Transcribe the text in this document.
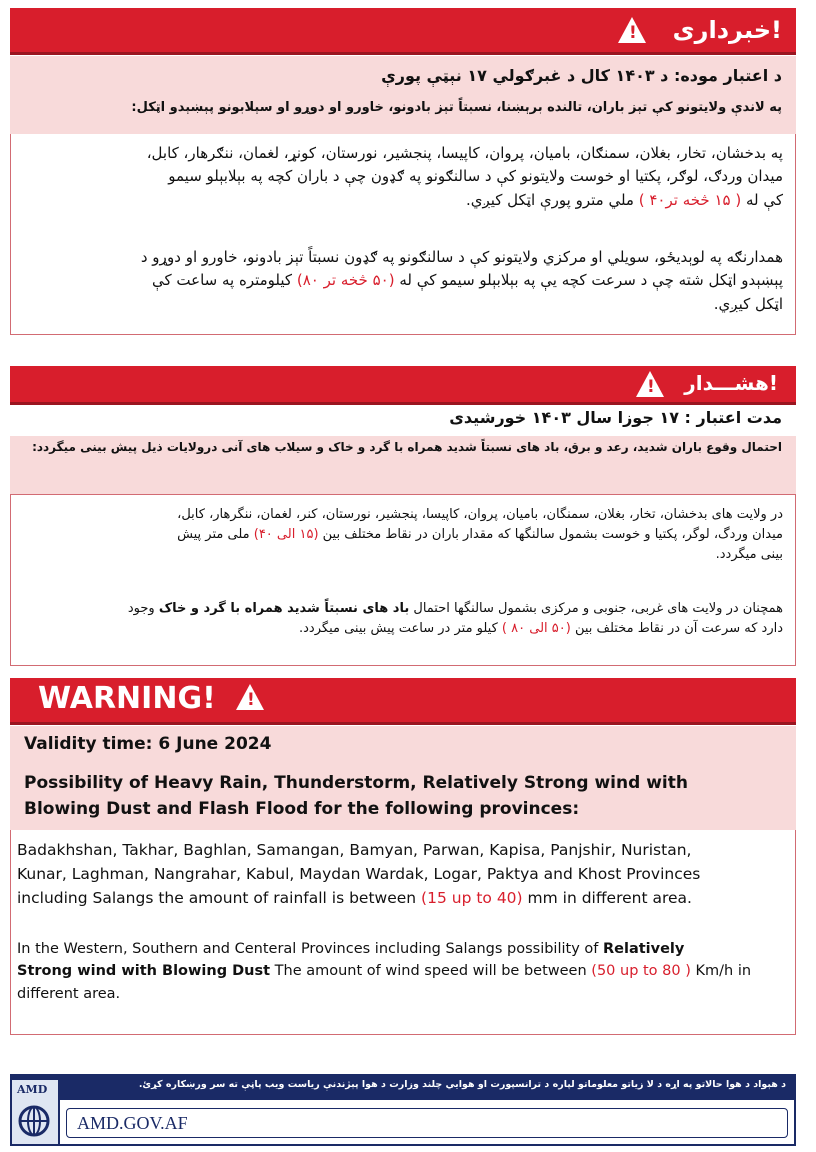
خبرداری!
!
د اعتبار موده: د ۱۴۰۳ کال د غبرګولي ۱۷ نېټې پورې
په لاندې ولایتونو کې تېز باران، تالنده برېښنا، نسبتاً تېز بادونو، خاورو او دوړو او سېلابونو پېښېدو اټکل:
په بدخشان، تخار، بغلان، سمنګان، بامیان، پروان، کاپیسا، پنجشیر، نورستان، کونړ، لغمان، ننګرهار، کابل،
میدان وردګ، لوګر، پکتیا او خوست ولایتونو کې د سالنګونو په ګډون چې د باران کچه په بېلابېلو سیمو
کې له ( ۱۵ څخه تر۴۰ ) ملي مترو پورې اټکل کیږي.
همدارنګه په لوېدیځو، سویلي او مرکزي ولایتونو کې د سالنګونو په ګډون نسبتاً تېز بادونو، خاورو او دوړو د
پېښېدو اټکل شته چې د سرعت کچه یې په بېلابېلو سیمو کې له (۵۰ څخه تر ۸۰) کیلومتره په ساعت کې
اټکل کیږي.
هشـــدار!
!
مدت اعتبار : ۱۷ جوزا سال ۱۴۰۳ خورشیدی
احتمال وقوع باران شدید، رعد و برق، باد های نسبتاً شدید همراه با گرد و خاک و سیلاب های آنی درولایات ذیل پیش بینی میگردد:
در ولایت های بدخشان، تخار، بغلان، سمنگان، بامیان، پروان، کاپیسا، پنجشیر، نورستان، کنر، لغمان، ننگرهار، کابل،
میدان وردگ، لوگر، پکتیا و خوست بشمول سالنگها که مقدار باران در نقاط مختلف بین (۱۵ الی ۴۰) ملی متر پیش
بینی میگردد.
همچنان در ولایت های غربی، جنوبی و مرکزی بشمول سالنگها احتمال باد های نسبتاً شدید همراه با گرد و خاک وجود
دارد که سرعت آن در نقاط مختلف بین (۵۰ الی ۸۰ ) کیلو متر در ساعت پیش بینی میگردد.
WARNING!
!
Validity time: 6 June 2024
Possibility of Heavy Rain, Thunderstorm, Relatively Strong wind with
Blowing Dust and Flash Flood for the following provinces:
Badakhshan, Takhar, Baghlan, Samangan, Bamyan, Parwan, Kapisa, Panjshir, Nuristan,
Kunar, Laghman, Nangrahar, Kabul, Maydan Wardak, Logar, Paktya and Khost Provinces
including Salangs the amount of rainfall is between (15 up to 40) mm in different area.
In the Western, Southern and Centeral Provinces including Salangs possibility of Relatively
Strong wind with Blowing Dust The amount of wind speed will be between (50 up to 80 ) Km/h in
different area.
د هېواد د هوا حالاتو په اړه د لا زیاتو معلوماتو لپاره د ترانسپورت او هوایي چلند وزارت د هوا پېژندنې ریاست ویب پاڼې ته سر ورښکاره کړئ.
AMD
AMD.GOV.AF
